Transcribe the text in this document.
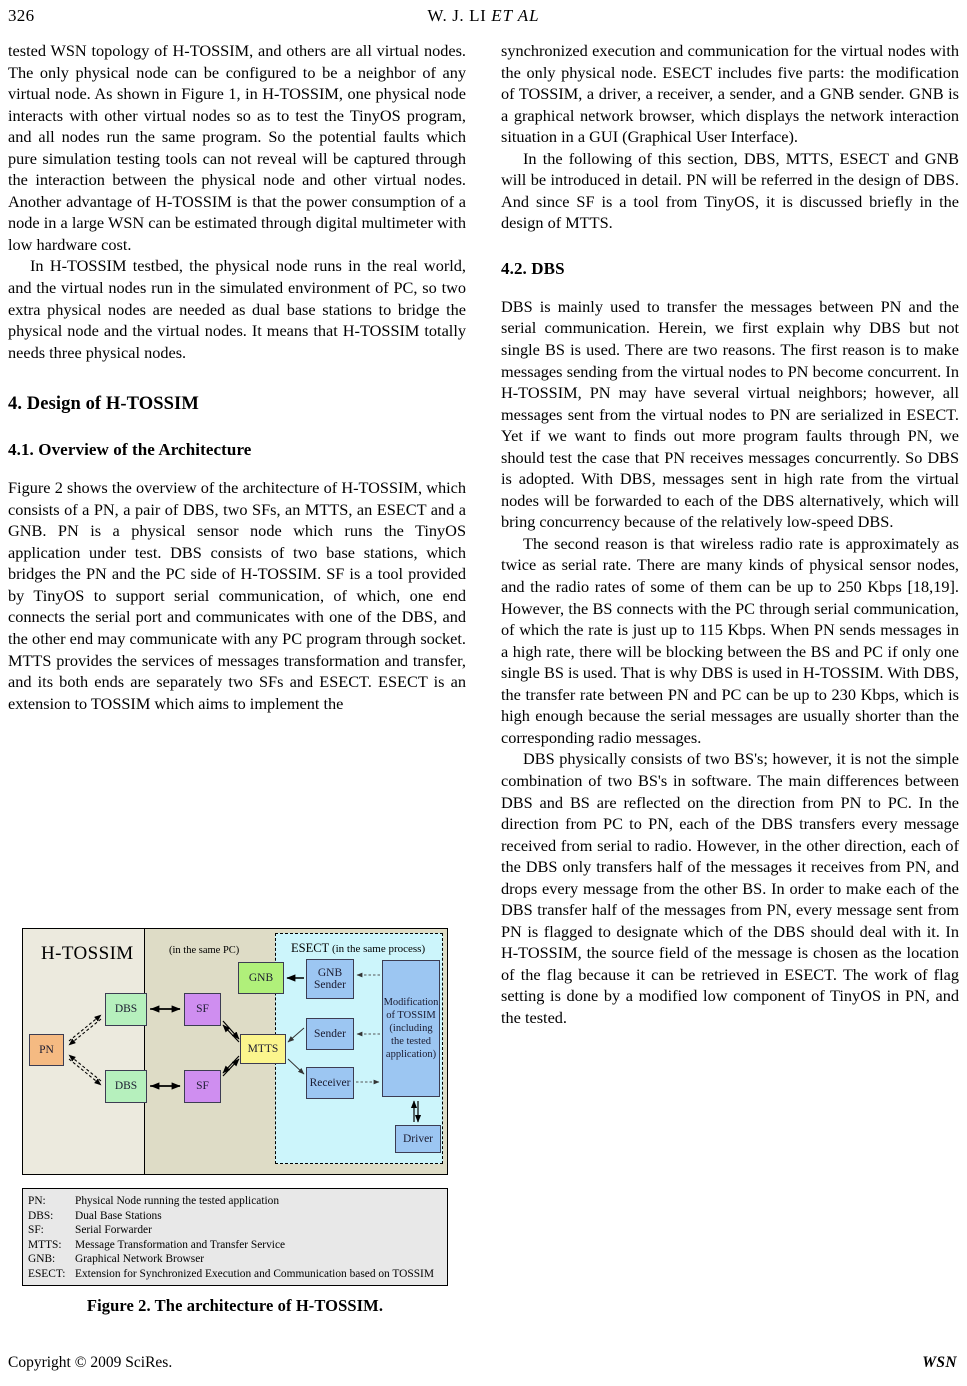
326	W. J. LI ET AL

tested WSN topology of H-TOSSIM, and others are all virtual nodes. The only physical node can be configured to be a neighbor of any virtual node. As shown in Figure 1, in H-TOSSIM, one physical node interacts with other virtual nodes so as to test the TinyOS program, and all nodes run the same program. So the potential faults which pure simulation testing tools can not reveal will be captured through the interaction between the physical node and other virtual nodes. Another advantage of H-TOSSIM is that the power consumption of a node in a large WSN can be estimated through digital multimeter with low hardware cost.

In H-TOSSIM testbed, the physical node runs in the real world, and the virtual nodes run in the simulated environment of PC, so two extra physical nodes are needed as dual base stations to bridge the physical node and the virtual nodes. It means that H-TOSSIM totally needs three physical nodes.

4. Design of H-TOSSIM
4.1. Overview of the Architecture

Figure 2 shows the overview of the architecture of H-TOSSIM, which consists of a PN, a pair of DBS, two SFs, an MTTS, an ESECT and a GNB. PN is a physical sensor node which runs the TinyOS application under test. DBS consists of two base stations, which bridges the PN and the PC side of H-TOSSIM. SF is a tool provided by TinyOS to support serial communication, of which, one end connects the serial port and communicates with one of the DBS, and the other end may communicate with any PC program through socket. MTTS provides the services of messages transformation and transfer, and its both ends are separately two SFs and ESECT. ESECT is an extension to TOSSIM which aims to implement the

synchronized execution and communication for the virtual nodes with the only physical node. ESECT includes five parts: the modification of TOSSIM, a driver, a receiver, a sender, and a GNB sender. GNB is a graphical network browser, which displays the network interaction situation in a GUI (Graphical User Interface).

In the following of this section, DBS, MTTS, ESECT and GNB will be introduced in detail. PN will be referred in the design of DBS. And since SF is a tool from TinyOS, it is discussed briefly in the design of MTTS.

4.2. DBS

DBS is mainly used to transfer the messages between PN and the serial communication. Herein, we first explain why DBS but not single BS is used. There are two reasons. The first reason is to make messages sending from the virtual nodes to PN become concurrent. In H-TOSSIM, PN may have several virtual neighbors; however, all messages sent from the virtual nodes to PN are serialized in ESECT. Yet if we want to finds out more program faults through PN, we should test the case that PN receives messages concurrently. So DBS is adopted. With DBS, messages sent in high rate from the virtual nodes will be forwarded to each of the DBS alternatively, which will bring concurrency because of the relatively low-speed DBS.

The second reason is that wireless radio rate is approximately as twice as serial rate. There are many kinds of physical sensor nodes, and the radio rates of some of them can be up to 250 Kbps [18,19]. However, the BS connects with the PC through serial communication, of which the rate is just up to 115 Kbps. When PN sends messages in a high rate, there will be blocking between the BS and PC if only one single BS is used. That is why DBS is used in H-TOSSIM. With DBS, the transfer rate between PN and PC can be up to 230 Kbps, which is high enough because the serial messages are usually shorter than the corresponding radio messages.

DBS physically consists of two BS's; however, it is not the simple combination of two BS's in software. The main differences between DBS and BS are reflected on the direction from PN to PC. In the direction from PC to PN, each of the DBS transfers every message received from serial to radio. However, in the other direction, each of the DBS only transfers half of the messages it receives from PN, and drops every message from the other BS. In order to make each of the DBS transfer half of the messages from PN, every message sent from PN is flagged to designate which of the DBS should deal with it. In H-TOSSIM, the source field of the message is chosen as the location of the flag because it can be retrieved in ESECT. The work of flag setting is done by a modified low component of TinyOS in PN, and the tested.

H-TOSSIM	(in the same PC)	ESECT (in the same process)
PN
DBS
DBS
SF
SF
MTTS
GNB	GNB Sender
Sender
Receiver
Modification of TOSSIM (including the tested application)
Driver
PN:	Physical Node running the tested application
DBS:	Dual Base Stations
SF:	Serial Forwarder
MTTS:	Message Transformation and Transfer Service
GNB:	Graphical Network Browser
ESECT: Extension for Synchronized Execution and Communication based on TOSSIM
Figure 2. The architecture of H-TOSSIM.
Copyright © 2009 SciRes.	WSN
